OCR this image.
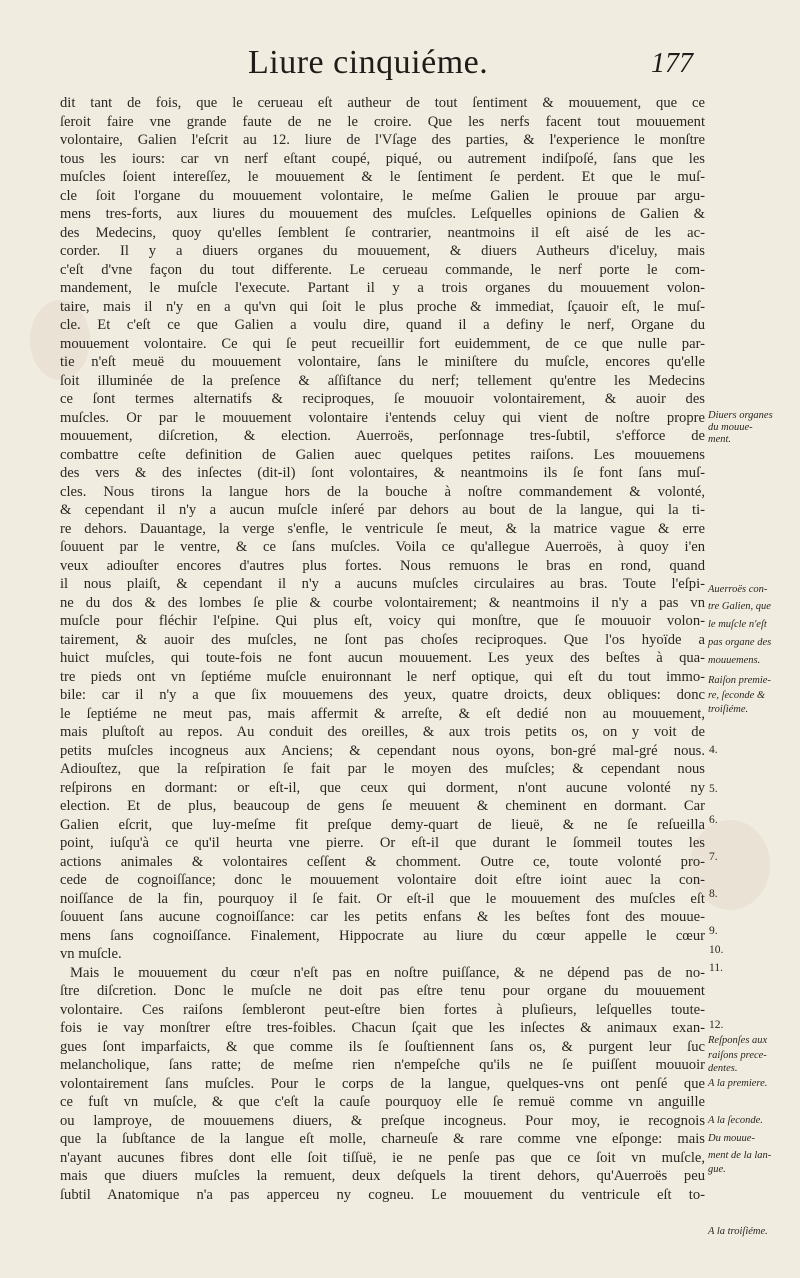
Liure cinquiéme.	177
dit tant de fois, que le cerueau eſt autheur de tout ſentiment & mouuement, que ce
ſeroit faire vne grande faute de ne le croire. Que les nerfs facent tout mouuement
volontaire, Galien l'eſcrit au 12. liure de l'Vſage des parties, & l'experience le monſtre
tous les iours: car vn nerf eſtant coupé, piqué, ou autrement indiſpoſé, ſans que les
muſcles ſoient intereſſez, le mouuement & le ſentiment ſe perdent. Et que le muſ-
cle ſoit l'organe du mouuement volontaire, le meſme Galien le prouue par argu-
mens tres-forts, aux liures du mouuement des muſcles. Leſquelles opinions de Galien &
des Medecins, quoy qu'elles ſemblent ſe contrarier, neantmoins il eſt aisé de les ac-
corder. Il y a diuers organes du mouuement, & diuers Autheurs d'iceluy, mais
c'eſt d'vne façon du tout differente. Le cerueau commande, le nerf porte le com-
mandement, le muſcle l'execute. Partant il y a trois organes du mouuement volon-
taire, mais il n'y en a qu'vn qui ſoit le plus proche & immediat, ſçauoir eſt, le muſ-
cle. Et c'eſt ce que Galien a voulu dire, quand il a definy le nerf, Organe du
mouuement volontaire. Ce qui ſe peut recueillir fort euidemment, de ce que nulle par-
tie n'eſt meuë du mouuement volontaire, ſans le miniſtere du muſcle, encores qu'elle
ſoit illuminée de la preſence & aſſiſtance du nerf; tellement qu'entre les Medecins
ce ſont termes alternatifs & reciproques, ſe mouuoir volontairement, & auoir des
muſcles. Or par le mouuement volontaire i'entends celuy qui vient de noſtre propre
mouuement, diſcretion, & election. Auerroës, perſonnage tres-ſubtil, s'efforce de
combattre ceſte definition de Galien auec quelques petites raiſons. Les mouuemens
des vers & des inſectes (dit-il) ſont volontaires, & neantmoins ils ſe font ſans muſ-
cles. Nous tirons la langue hors de la bouche à noſtre commandement & volonté,
& cependant il n'y a aucun muſcle inſeré par dehors au bout de la langue, qui la ti-
re dehors. Dauantage, la verge s'enfle, le ventricule ſe meut, & la matrice vague & erre
ſouuent par le ventre, & ce ſans muſcles. Voila ce qu'allegue Auerroës, à quoy i'en
veux adiouſter encores d'autres plus fortes. Nous remuons le bras en rond, quand
il nous plaiſt, & cependant il n'y a aucuns muſcles circulaires au bras. Toute l'eſpi-
ne du dos & des lombes ſe plie & courbe volontairement; & neantmoins il n'y a pas vn
muſcle pour fléchir l'eſpine. Qui plus eſt, voicy qui monſtre, que ſe mouuoir volon-
tairement, & auoir des muſcles, ne ſont pas choſes reciproques. Que l'os hyoïde a
huict muſcles, qui toute-fois ne font aucun mouuement. Les yeux des beſtes à qua-
tre pieds ont vn ſeptiéme muſcle enuironnant le nerf optique, qui eſt du tout immo-
bile: car il n'y a que ſix mouuemens des yeux, quatre droicts, deux obliques: donc
le ſeptiéme ne meut pas, mais affermit & arreſte, & eſt dedié non au mouuement,
mais pluſtoſt au repos. Au conduit des oreilles, & aux trois petits os, on y voit de
petits muſcles incogneus aux Anciens; & cependant nous oyons, bon-gré mal-gré nous.
Adiouſtez, que la reſpiration ſe fait par le moyen des muſcles; & cependant nous
reſpirons en dormant: or eſt-il, que ceux qui dorment, n'ont aucune volonté ny
election. Et de plus, beaucoup de gens ſe meuuent & cheminent en dormant. Car
Galien eſcrit, que luy-meſme fit preſque demy-quart de lieuë, & ne ſe reſueilla
point, iuſqu'à ce qu'il heurta vne pierre. Or eſt-il que durant le ſommeil toutes les
actions animales & volontaires ceſſent & chomment. Outre ce, toute volonté pro-
cede de cognoiſſance; donc le mouuement volontaire doit eſtre ioint auec la con-
noiſſance de la fin, pourquoy il ſe fait. Or eſt-il que le mouuement des muſcles eſt
ſouuent ſans aucune cognoiſſance: car les petits enfans & les beſtes font des mouue-
mens ſans cognoiſſance. Finalement, Hippocrate au liure du cœur appelle le cœur
vn muſcle.
Mais le mouuement du cœur n'eſt pas en noſtre puiſſance, & ne dépend pas de no-
ſtre diſcretion. Donc le muſcle ne doit pas eſtre tenu pour organe du mouuement
volontaire. Ces raiſons ſembleront peut-eſtre bien fortes à pluſieurs, leſquelles toute-
fois ie vay monſtrer eſtre tres-foibles. Chacun ſçait que les inſectes & animaux exan-
gues ſont imparfaicts, & que comme ils ſe ſouſtiennent ſans os, & purgent leur ſuc
melancholique, ſans ratte; de meſme rien n'empeſche qu'ils ne ſe puiſſent mouuoir
volontairement ſans muſcles. Pour le corps de la langue, quelques-vns ont penſé que
ce fuſt vn muſcle, & que c'eſt la cauſe pourquoy elle ſe remuë comme vn anguille
ou lamproye, de mouuemens diuers, & preſque incogneus. Pour moy, ie recognois
que la ſubſtance de la langue eſt molle, charneuſe & rare comme vne eſponge: mais
n'ayant aucunes fibres dont elle ſoit tiſſuë, ie ne penſe pas que ce ſoit vn muſcle,
mais que diuers muſcles la remuent, deux deſquels la tirent dehors, qu'Auerroës peu
ſubtil Anatomique n'a pas apperceu ny cogneu. Le mouuement du ventricule eſt to-
Diuers organes
du mouue-
ment.
Auerroës con-
tre Galien, que
le muſcle n'eſt
pas organe des
mouuemens.
Raiſon premie-
re, ſeconde &
troiſiéme.
Reſponſes aux
raiſons prece-
dentes.
A la premiere.
A la ſeconde.
Du mouue-
ment de la lan-
gue.
A la troiſiéme.
4.
5.
6.
7.
8.
9.
10.
11.
12.
